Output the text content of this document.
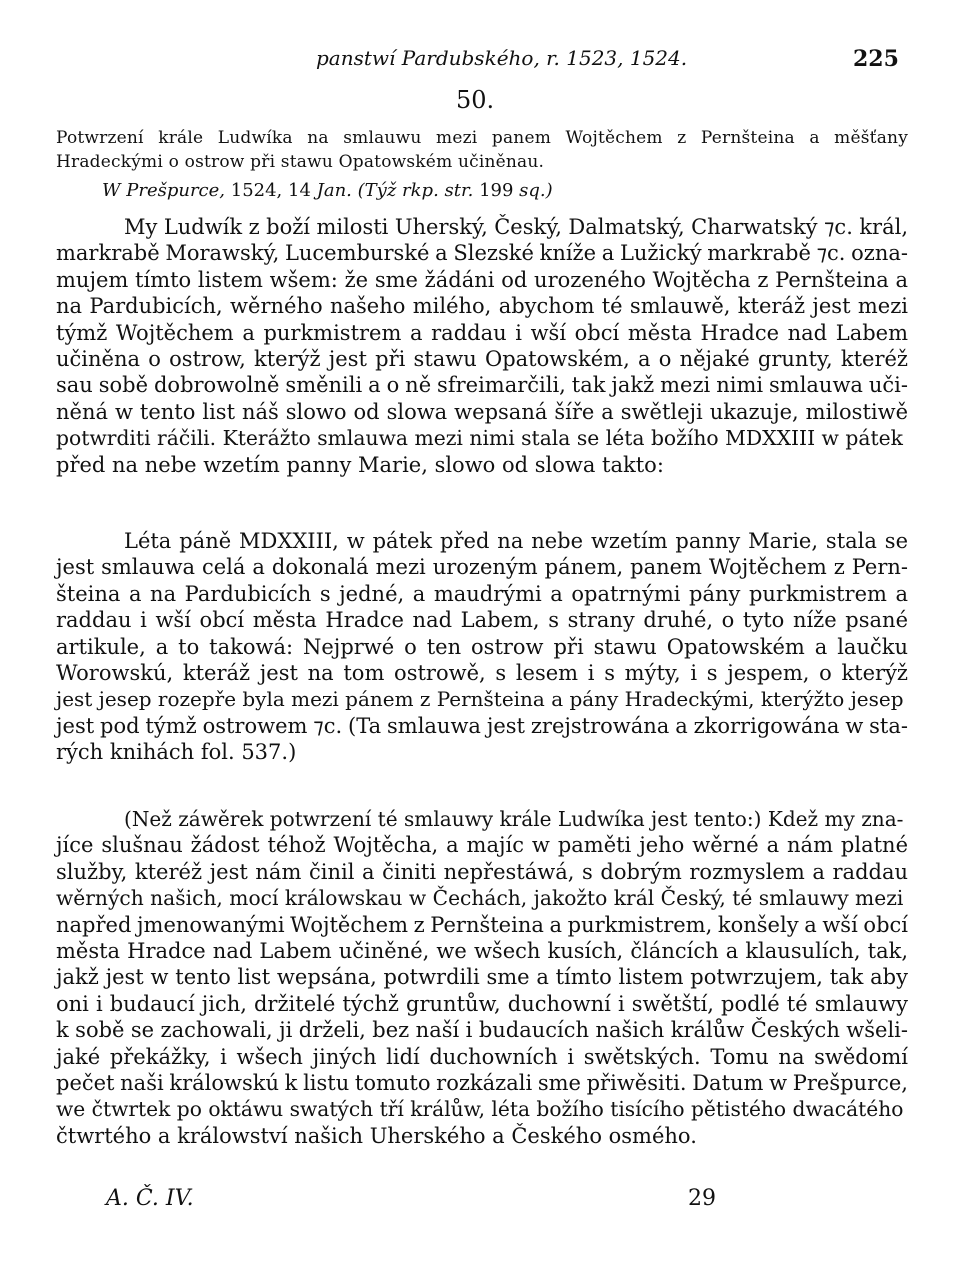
panstwí Pardubského, r. 1523, 1524.	225
50.
Potwrzení krále Ludwíka na smlauwu mezi panem Wojtěchem z Pernšteina a měšťany
Hradeckými o ostrow při stawu Opatowském učiněnau.
W Prešpurce, 1524, 14 Jan. (Týž rkp. str. 199 sq.)
My Ludwík z boží milosti Uherský, Český, Dalmatský, Charwatský ⁊c. král,
markrabě Morawský, Lucemburské a Slezské kníže a Lužický markrabě ⁊c. ozna-
mujem tímto listem wšem: že sme žádáni od urozeného Wojtěcha z Pernšteina a
na Pardubicích, wěrného našeho milého, abychom té smlauwě, kteráž jest mezi
týmž Wojtěchem a purkmistrem a raddau i wší obcí města Hradce nad Labem
učiněna o ostrow, kterýž jest při stawu Opatowském, a o nějaké grunty, kteréž
sau sobě dobrowolně směnili a o ně sfreimarčili, tak jakž mezi nimi smlauwa uči-
něná w tento list náš slowo od slowa wepsaná šíře a swětleji ukazuje, milostiwě
potwrditi ráčili. Kterážto smlauwa mezi nimi stala se léta božího MDXXIII w pátek
před na nebe wzetím panny Marie, slowo od slowa takto:
Léta páně MDXXIII, w pátek před na nebe wzetím panny Marie, stala se
jest smlauwa celá a dokonalá mezi urozeným pánem, panem Wojtěchem z Pern-
šteina a na Pardubicích s jedné, a maudrými a opatrnými pány purkmistrem a
raddau i wší obcí města Hradce nad Labem, s strany druhé, o tyto níže psané
artikule, a to takowá: Nejprwé o ten ostrow při stawu Opatowském a laučku
Worowskú, kteráž jest na tom ostrowě, s lesem i s mýty, i s jespem, o kterýž
jest jesep rozepře byla mezi pánem z Pernšteina a pány Hradeckými, kterýžto jesep
jest pod týmž ostrowem ⁊c. (Ta smlauwa jest zrejstrowána a zkorrigowána w sta-
rých knihách fol. 537.)
(Než záwěrek potwrzení té smlauwy krále Ludwíka jest tento:) Kdež my zna-
jíce slušnau žádost téhož Wojtěcha, a majíc w paměti jeho wěrné a nám platné
služby, kteréž jest nám činil a činiti nepřestáwá, s dobrým rozmyslem a raddau
wěrných našich, mocí králowskau w Čechách, jakožto král Český, té smlauwy mezi
napřed jmenowanými Wojtěchem z Pernšteina a purkmistrem, konšely a wší obcí
města Hradce nad Labem učiněné, we wšech kusích, článcích a klausulích, tak,
jakž jest w tento list wepsána, potwrdili sme a tímto listem potwrzujem, tak aby
oni i budaucí jich, držitelé týchž gruntůw, duchowní i swětští, podlé té smlauwy
k sobě se zachowali, ji drželi, bez naší i budaucích našich králůw Českých wšeli-
jaké překážky, i wšech jiných lidí duchowních i swětských. Tomu na swědomí
pečet naši králowskú k listu tomuto rozkázali sme přiwěsiti. Datum w Prešpurce,
we čtwrtek po oktáwu swatých tří králůw, léta božího tisícího pětistého dwacátého
čtwrtého a králowství našich Uherského a Českého osmého.
A. Č. IV.	29
